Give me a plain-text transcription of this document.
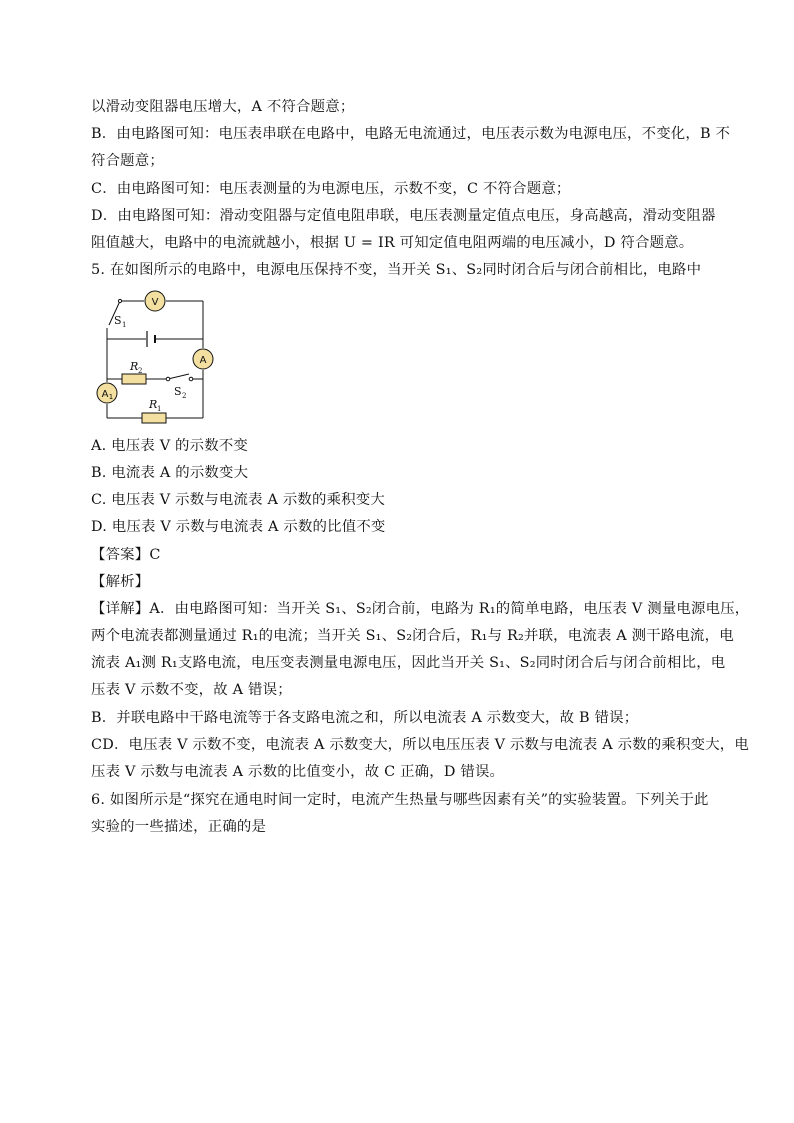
以滑动变阻器电压增大，A 不符合题意；
B．由电路图可知：电压表串联在电路中，电路无电流通过，电压表示数为电源电压，不变化，B 不
符合题意；
C．由电路图可知：电压表测量的为电源电压，示数不变，C 不符合题意；
D．由电路图可知：滑动变阻器与定值电阻串联，电压表测量定值点电压，身高越高，滑动变阻器
阻值越大，电路中的电流就越小，根据 U = IR 可知定值电阻两端的电压减小，D 符合题意。
5. 在如图所示的电路中，电源电压保持不变，当开关 S₁、S₂同时闭合后与闭合前相比，电路中
V
A
A 1
S 1
R 2
S 2
R 1
A. 电压表 V 的示数不变
B. 电流表 A 的示数变大
C. 电压表 V 示数与电流表 A 示数的乘积变大
D. 电压表 V 示数与电流表 A 示数的比值不变
【答案】C
【解析】
【详解】A．由电路图可知：当开关 S₁、S₂闭合前，电路为 R₁的简单电路，电压表 V 测量电源电压，
两个电流表都测量通过 R₁的电流；当开关 S₁、S₂闭合后，R₁与 R₂并联，电流表 A 测干路电流，电
流表 A₁测 R₁支路电流，电压变表测量电源电压，因此当开关 S₁、S₂同时闭合后与闭合前相比，电
压表 V 示数不变，故 A 错误；
B．并联电路中干路电流等于各支路电流之和，所以电流表 A 示数变大，故 B 错误；
CD．电压表 V 示数不变，电流表 A 示数变大，所以电压压表 V 示数与电流表 A 示数的乘积变大，电
压表 V 示数与电流表 A 示数的比值变小，故 C 正确，D 错误。
6. 如图所示是“探究在通电时间一定时，电流产生热量与哪些因素有关”的实验装置。下列关于此
实验的一些描述，正确的是
